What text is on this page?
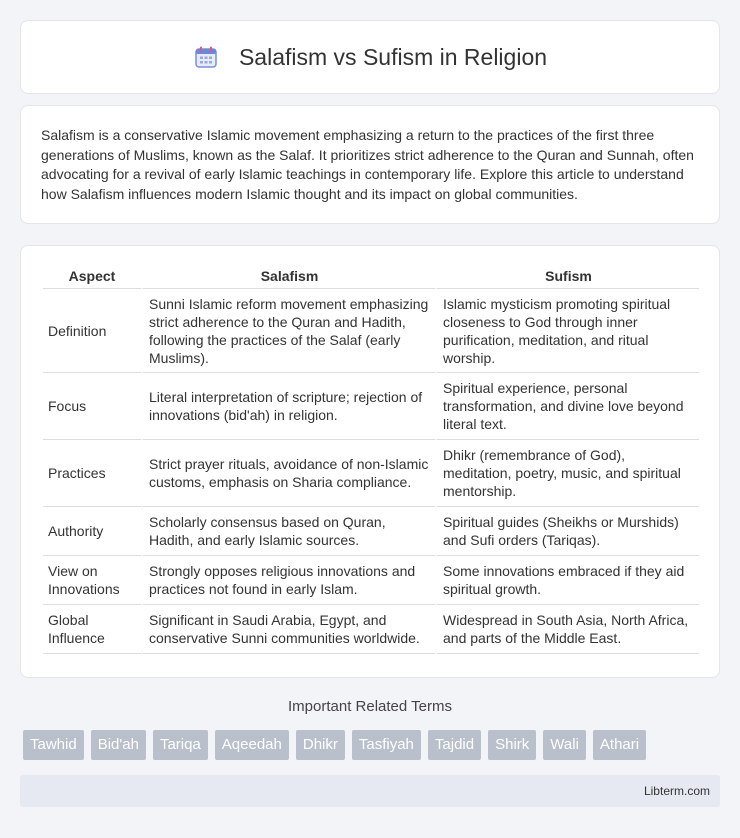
Salafism vs Sufism in Religion

Salafism is a conservative Islamic movement emphasizing a return to the practices of the first three generations of Muslims, known as the Salaf. It prioritizes strict adherence to the Quran and Sunnah, often advocating for a revival of early Islamic teachings in contemporary life. Explore this article to understand how Salafism influences modern Islamic thought and its impact on global communities.

Aspect	Salafism	Sufism
Definition	Sunni Islamic reform movement emphasizing strict adherence to the Quran and Hadith, following the practices of the Salaf (early Muslims).	Islamic mysticism promoting spiritual closeness to God through inner purification, meditation, and ritual worship.
Focus	Literal interpretation of scripture; rejection of innovations (bid'ah) in religion.	Spiritual experience, personal transformation, and divine love beyond literal text.
Practices	Strict prayer rituals, avoidance of non-Islamic customs, emphasis on Sharia compliance.	Dhikr (remembrance of God), meditation, poetry, music, and spiritual mentorship.
Authority	Scholarly consensus based on Quran, Hadith, and early Islamic sources.	Spiritual guides (Sheikhs or Murshids) and Sufi orders (Tariqas).
View on Innovations	Strongly opposes religious innovations and practices not found in early Islam.	Some innovations embraced if they aid spiritual growth.
Global Influence	Significant in Saudi Arabia, Egypt, and conservative Sunni communities worldwide.	Widespread in South Asia, North Africa, and parts of the Middle East.
Important Related Terms
Tawhid	Bid'ah	Tariqa	Aqeedah	Dhikr	Tasfiyah	Tajdid	Shirk	Wali	Athari
Libterm.com
